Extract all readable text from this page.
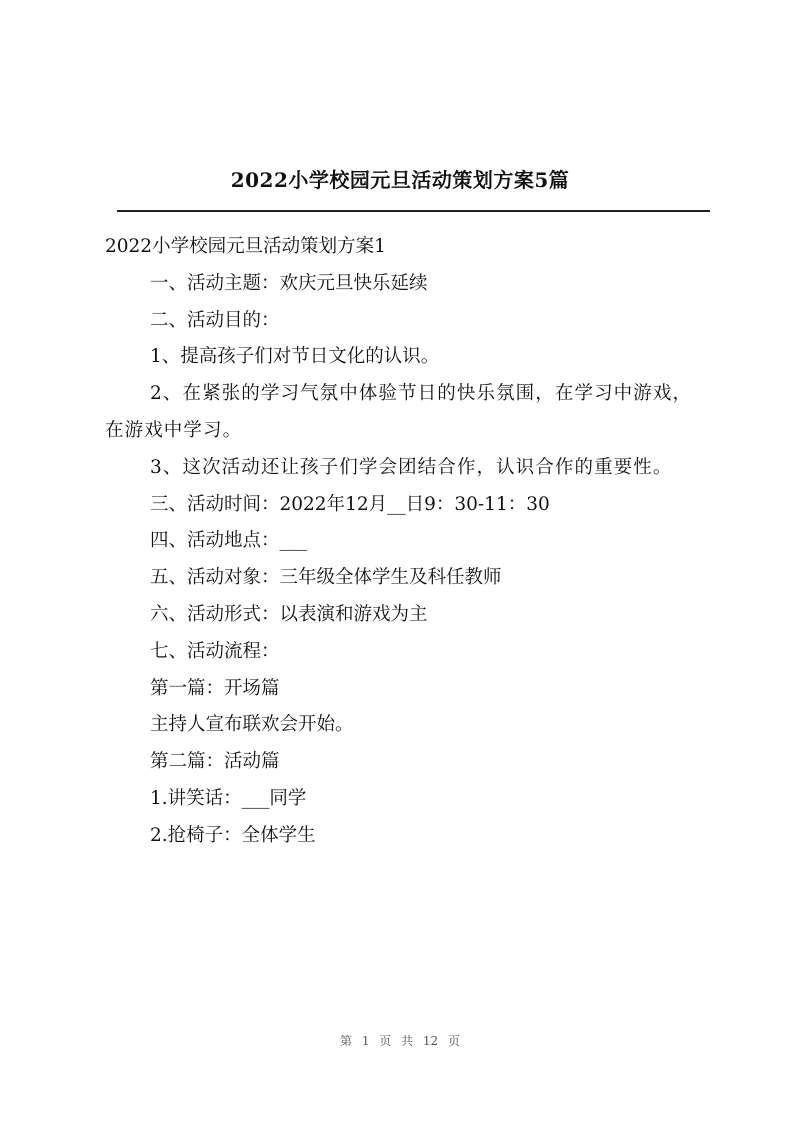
2022小学校园元旦活动策划方案5篇

2022小学校园元旦活动策划方案1

一、活动主题：欢庆元旦快乐延续

二、活动目的：

1、提高孩子们对节日文化的认识。

2、在紧张的学习气氛中体验节日的快乐氛围，在学习中游戏，在游戏中学习。

3、这次活动还让孩子们学会团结合作，认识合作的重要性。

三、活动时间：2022年12月__日9：30-11：30

四、活动地点：___

五、活动对象：三年级全体学生及科任教师

六、活动形式：以表演和游戏为主

七、活动流程：

第一篇：开场篇

主持人宣布联欢会开始。

第二篇：活动篇

1.讲笑话：___同学

2.抢椅子：全体学生

第 1 页 共 12 页
